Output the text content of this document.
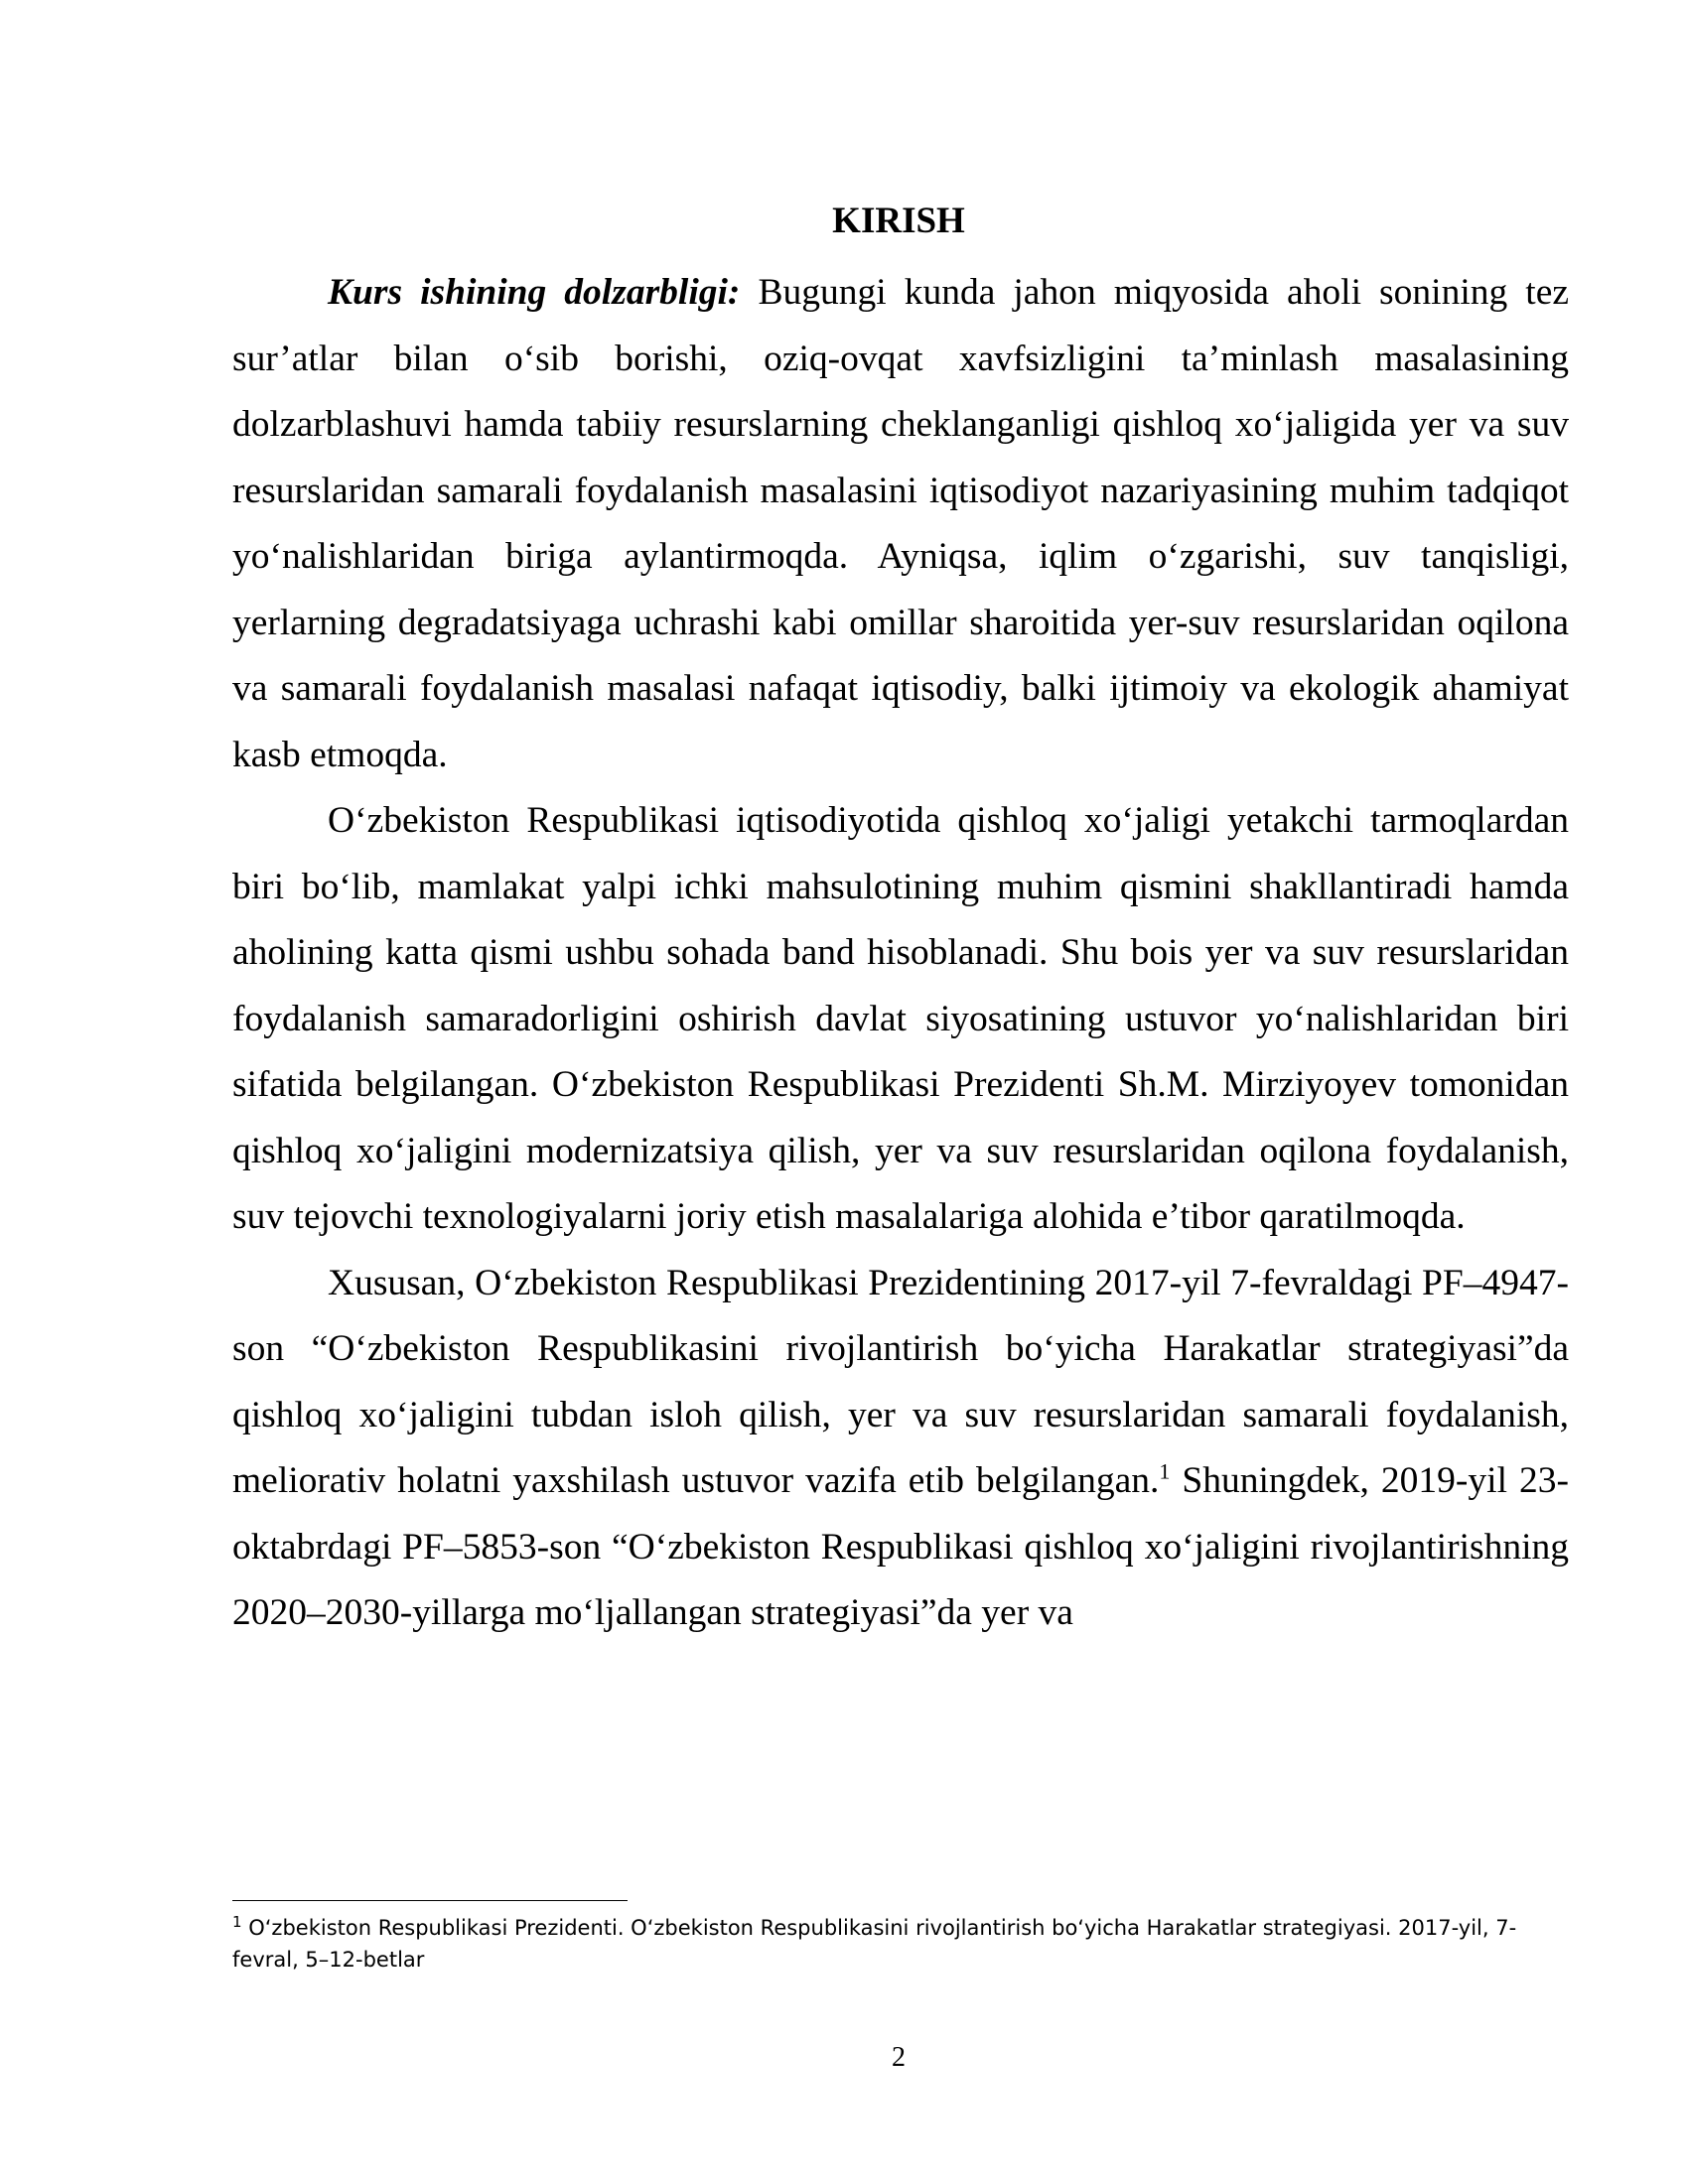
KIRISH

Kurs ishining dolzarbligi: Bugungi kunda jahon miqyosida aholi sonining tez sur’atlar bilan o‘sib borishi, oziq-ovqat xavfsizligini ta’minlash masalasining dolzarblashuvi hamda tabiiy resurslarning cheklanganligi qishloq xo‘jaligida yer va suv resurslaridan samarali foydalanish masalasini iqtisodiyot nazariyasining muhim tadqiqot yo‘nalishlaridan biriga aylantirmoqda. Ayniqsa, iqlim o‘zgarishi, suv tanqisligi, yerlarning degradatsiyaga uchrashi kabi omillar sharoitida yer-suv resurslaridan oqilona va samarali foydalanish masalasi nafaqat iqtisodiy, balki ijtimoiy va ekologik ahamiyat kasb etmoqda.

O‘zbekiston Respublikasi iqtisodiyotida qishloq xo‘jaligi yetakchi tarmoqlardan biri bo‘lib, mamlakat yalpi ichki mahsulotining muhim qismini shakllantiradi hamda aholining katta qismi ushbu sohada band hisoblanadi. Shu bois yer va suv resurslaridan foydalanish samaradorligini oshirish davlat siyosatining ustuvor yo‘nalishlaridan biri sifatida belgilangan. O‘zbekiston Respublikasi Prezidenti Sh.M. Mirziyoyev tomonidan qishloq xo‘jaligini modernizatsiya qilish, yer va suv resurslaridan oqilona foydalanish, suv tejovchi texnologiyalarni joriy etish masalalariga alohida e’tibor qaratilmoqda.

Xususan, O‘zbekiston Respublikasi Prezidentining 2017-yil 7-fevraldagi PF–4947-son “O‘zbekiston Respublikasini rivojlantirish bo‘yicha Harakatlar strategiyasi”da qishloq xo‘jaligini tubdan isloh qilish, yer va suv resurslaridan samarali foydalanish, meliorativ holatni yaxshilash ustuvor vazifa etib belgilangan.$^1$ Shuningdek, 2019-yil 23-oktabrdagi PF–5853-son “O‘zbekiston Respublikasi qishloq xo‘jaligini rivojlantirishning 2020–2030-yillarga mo‘ljallangan strategiyasi”da yer va

$^1$ O‘zbekiston Respublikasi Prezidenti. O‘zbekiston Respublikasini rivojlantirish bo‘yicha Harakatlar strategiyasi. 2017-yil, 7-fevral, 5–12-betlar

2
